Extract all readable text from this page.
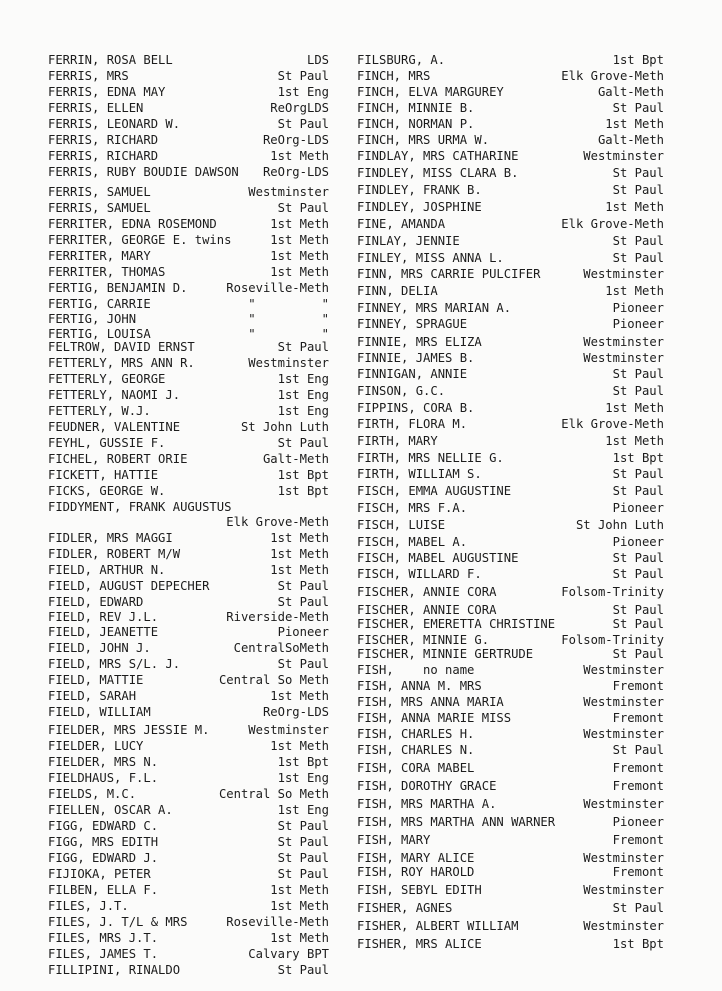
FERRIN, ROSA BELL	LDS
FERRIS, MRS	St Paul
FERRIS, EDNA MAY	1st Eng
FERRIS, ELLEN	ReOrgLDS
FERRIS, LEONARD W.	St Paul
FERRIS, RICHARD	ReOrg-LDS
FERRIS, RICHARD	1st Meth
FERRIS, RUBY BOUDIE DAWSON ReOrg-LDS
FERRIS, SAMUEL	Westminster
FERRIS, SAMUEL	St Paul
FERRITER, EDNA ROSEMOND	1st Meth
FERRITER, GEORGE E. twins	1st Meth
FERRITER, MARY	1st Meth
FERRITER, THOMAS	1st Meth
FERTIG, BENJAMIN D.	Roseville-Meth
FERTIG, CARRIE	"         "
FERTIG, JOHN	"         "
FERTIG, LOUISA	"         "
FELTROW, DAVID ERNST	St Paul
FETTERLY, MRS ANN R.	Westminster
FETTERLY, GEORGE	1st Eng
FETTERLY, NAOMI J.	1st Eng
FETTERLY, W.J.	1st Eng
FEUDNER, VALENTINE	St John Luth
FEYHL, GUSSIE F.	St Paul
FICHEL, ROBERT ORIE	Galt-Meth
FICKETT, HATTIE	1st Bpt
FICKS, GEORGE W.	1st Bpt
FIDDYMENT, FRANK AUGUSTUS
Elk Grove-Meth
FIDLER, MRS MAGGI	1st Meth
FIDLER, ROBERT M/W	1st Meth
FIELD, ARTHUR N.	1st Meth
FIELD, AUGUST DEPECHER	St Paul
FIELD, EDWARD	St Paul
FIELD, REV J.L.	Riverside-Meth
FIELD, JEANETTE	Pioneer
FIELD, JOHN J.	CentralSoMeth
FIELD, MRS S/L. J.	St Paul
FIELD, MATTIE	Central So Meth
FIELD, SARAH	1st Meth
FIELD, WILLIAM	ReOrg-LDS
FIELDER, MRS JESSIE M.	Westminster
FIELDER, LUCY	1st Meth
FIELDER, MRS N.	1st Bpt
FIELDHAUS, F.L.	1st Eng
FIELDS, M.C.	Central So Meth
FIELLEN, OSCAR A.	1st Eng
FIGG, EDWARD C.	St Paul
FIGG, MRS EDITH	St Paul
FIGG, EDWARD J.	St Paul
FIJIOKA, PETER	St Paul
FILBEN, ELLA F.	1st Meth
FILES, J.T.	1st Meth
FILES, J. T/L & MRS	Roseville-Meth
FILES, MRS J.T.	1st Meth
FILES, JAMES T.	Calvary BPT
FILLIPINI, RINALDO	St Paul
FILSBURG, A.	1st Bpt
FINCH, MRS	Elk Grove-Meth
FINCH, ELVA MARGUREY	Galt-Meth
FINCH, MINNIE B.	St Paul
FINCH, NORMAN P.	1st Meth
FINCH, MRS URMA W.	Galt-Meth
FINDLAY, MRS CATHARINE	Westminster
FINDLEY, MISS CLARA B.	St Paul
FINDLEY, FRANK B.	St Paul
FINDLEY, JOSPHINE	1st Meth
FINE, AMANDA	Elk Grove-Meth
FINLAY, JENNIE	St Paul
FINLEY, MISS ANNA L.	St Paul
FINN, MRS CARRIE PULCIFER	Westminster
FINN, DELIA	1st Meth
FINNEY, MRS MARIAN A.	Pioneer
FINNEY, SPRAGUE	Pioneer
FINNIE, MRS ELIZA	Westminster
FINNIE, JAMES B.	Westminster
FINNIGAN, ANNIE	St Paul
FINSON, G.C.	St Paul
FIPPINS, CORA B.	1st Meth
FIRTH, FLORA M.	Elk Grove-Meth
FIRTH, MARY	1st Meth
FIRTH, MRS NELLIE G.	1st Bpt
FIRTH, WILLIAM S.	St Paul
FISCH, EMMA AUGUSTINE	St Paul
FISCH, MRS F.A.	Pioneer
FISCH, LUISE	St John Luth
FISCH, MABEL A.	Pioneer
FISCH, MABEL AUGUSTINE	St Paul
FISCH, WILLARD F.	St Paul
FISCHER, ANNIE CORA	Folsom-Trinity
FISCHER, ANNIE CORA	St Paul
FISCHER, EMERETTA CHRISTINE	St Paul
FISCHER, MINNIE G.	Folsom-Trinity
FISCHER, MINNIE GERTRUDE	St Paul
FISH,    no name	Westminster
FISH, ANNA M. MRS	Fremont
FISH, MRS ANNA MARIA	Westminster
FISH, ANNA MARIE MISS	Fremont
FISH, CHARLES H.	Westminster
FISH, CHARLES N.	St Paul
FISH, CORA MABEL	Fremont
FISH, DOROTHY GRACE	Fremont
FISH, MRS MARTHA A.	Westminster
FISH, MRS MARTHA ANN WARNER	Pioneer
FISH, MARY	Fremont
FISH, MARY ALICE	Westminster
FISH, ROY HAROLD	Fremont
FISH, SEBYL EDITH	Westminster
FISHER, AGNES	St Paul
FISHER, ALBERT WILLIAM	Westminster
FISHER, MRS ALICE	1st Bpt
